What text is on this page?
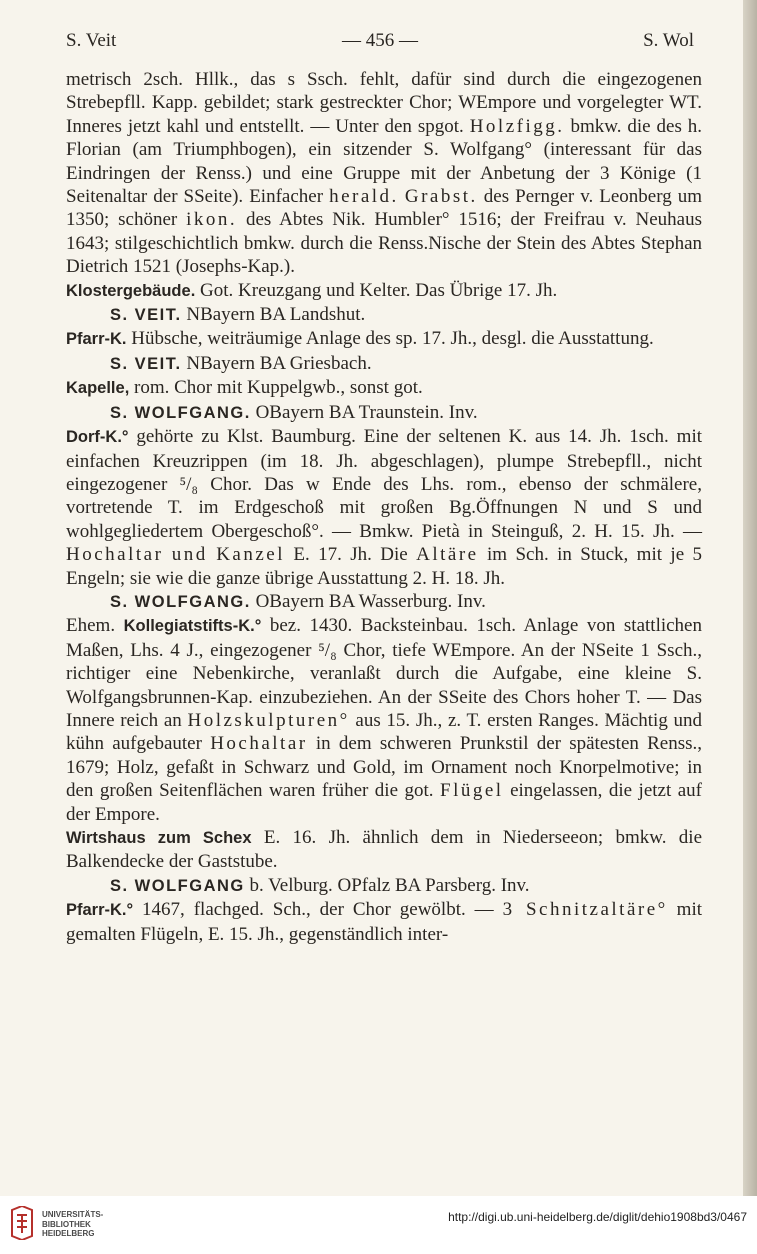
S. Veit	— 456 —	S. Wol

metrisch 2sch. Hllk., das s Ssch. fehlt, dafür sind durch die eingezogenen Strebepfll. Kapp. gebildet; stark gestreckter Chor; WEmpore und vorgelegter WT. Inneres jetzt kahl und entstellt. — Unter den spgot. Holzfigg. bmkw. die des h. Florian (am Triumphbogen), ein sitzender S. Wolfgang° (interessant für das Eindringen der Renss.) und eine Gruppe mit der Anbetung der 3 Könige (1 Seitenaltar der SSeite). Einfacher herald. Grabst. des Pernger v. Leonberg um 1350; schöner ikon. des Abtes Nik. Humbler° 1516; der Freifrau v. Neuhaus 1643; stilgeschichtlich bmkw. durch die Renss.Nische der Stein des Abtes Stephan Dietrich 1521 (Josephs-Kap.).

Klostergebäude. Got. Kreuzgang und Kelter. Das Übrige 17. Jh.

S. VEIT. NBayern BA Landshut.

Pfarr-K. Hübsche, weiträumige Anlage des sp. 17. Jh., desgl. die Ausstattung.

S. VEIT. NBayern BA Griesbach.

Kapelle, rom. Chor mit Kuppelgwb., sonst got.

S. WOLFGANG. OBayern BA Traunstein. Inv.

Dorf-K.° gehörte zu Klst. Baumburg. Eine der seltenen K. aus 14. Jh. 1sch. mit einfachen Kreuzrippen (im 18. Jh. abgeschlagen), plumpe Strebepfll., nicht eingezogener ⁵/₈ Chor. Das w Ende des Lhs. rom., ebenso der schmälere, vortretende T. im Erdgeschoß mit großen Bg.Öffnungen N und S und wohlgegliedertem Obergeschoß°. — Bmkw. Pietà in Steinguß, 2. H. 15. Jh. — Hochaltar und Kanzel E. 17. Jh. Die Altäre im Sch. in Stuck, mit je 5 Engeln; sie wie die ganze übrige Ausstattung 2. H. 18. Jh.

S. WOLFGANG. OBayern BA Wasserburg. Inv.

Ehem. Kollegiatstifts-K.° bez. 1430. Backsteinbau. 1sch. Anlage von stattlichen Maßen, Lhs. 4 J., eingezogener ⁵/₈ Chor, tiefe WEmpore. An der NSeite 1 Ssch., richtiger eine Nebenkirche, veranlaßt durch die Aufgabe, eine kleine S. Wolfgangsbrunnen-Kap. einzubeziehen. An der SSeite des Chors hoher T. — Das Innere reich an Holzskulpturen° aus 15. Jh., z. T. ersten Ranges. Mächtig und kühn aufgebauter Hochaltar in dem schweren Prunkstil der spätesten Renss., 1679; Holz, gefaßt in Schwarz und Gold, im Ornament noch Knorpelmotive; in den großen Seitenflächen waren früher die got. Flügel eingelassen, die jetzt auf der Empore.

Wirtshaus zum Schex E. 16. Jh. ähnlich dem in Niederseeon; bmkw. die Balkendecke der Gaststube.

S. WOLFGANG b. Velburg. OPfalz BA Parsberg. Inv.

Pfarr-K.° 1467, flachged. Sch., der Chor gewölbt. — 3 Schnitzaltäre° mit gemalten Flügeln, E. 15. Jh., gegenständlich inter-

UNIVERSITÄTS-
BIBLIOTHEK
HEIDELBERG
http://digi.ub.uni-heidelberg.de/diglit/dehio1908bd3/0467
